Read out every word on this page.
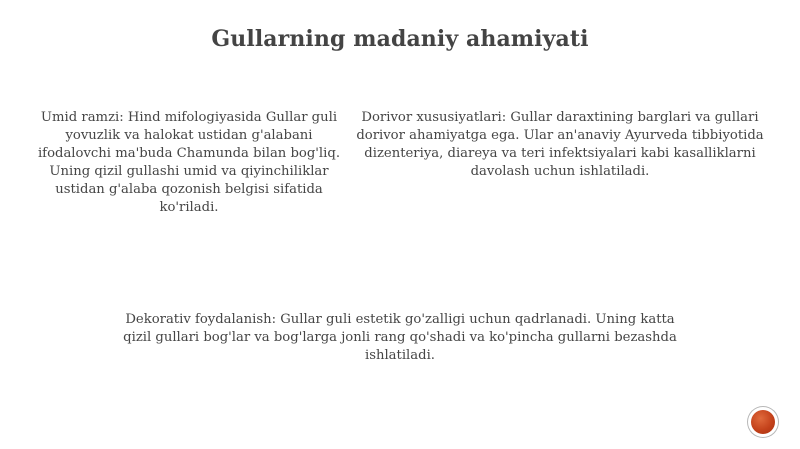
Gullarning madaniy ahamiyati
Umid ramzi: Hind mifologiyasida Gullar guli yovuzlik va halokat ustidan g'alabani ifodalovchi ma'buda Chamunda bilan bog'liq. Uning qizil gullashi umid va qiyinchiliklar ustidan g'alaba qozonish belgisi sifatida ko'riladi.
Dorivor xususiyatlari: Gullar daraxtining barglari va gullari dorivor ahamiyatga ega. Ular an'anaviy Ayurveda tibbiyotida dizenteriya, diareya va teri infektsiyalari kabi kasalliklarni davolash uchun ishlatiladi.
Dekorativ foydalanish: Gullar guli estetik go'zalligi uchun qadrlanadi. Uning katta qizil gullari bog'lar va bog'larga jonli rang qo'shadi va ko'pincha gullarni bezashda ishlatiladi.
